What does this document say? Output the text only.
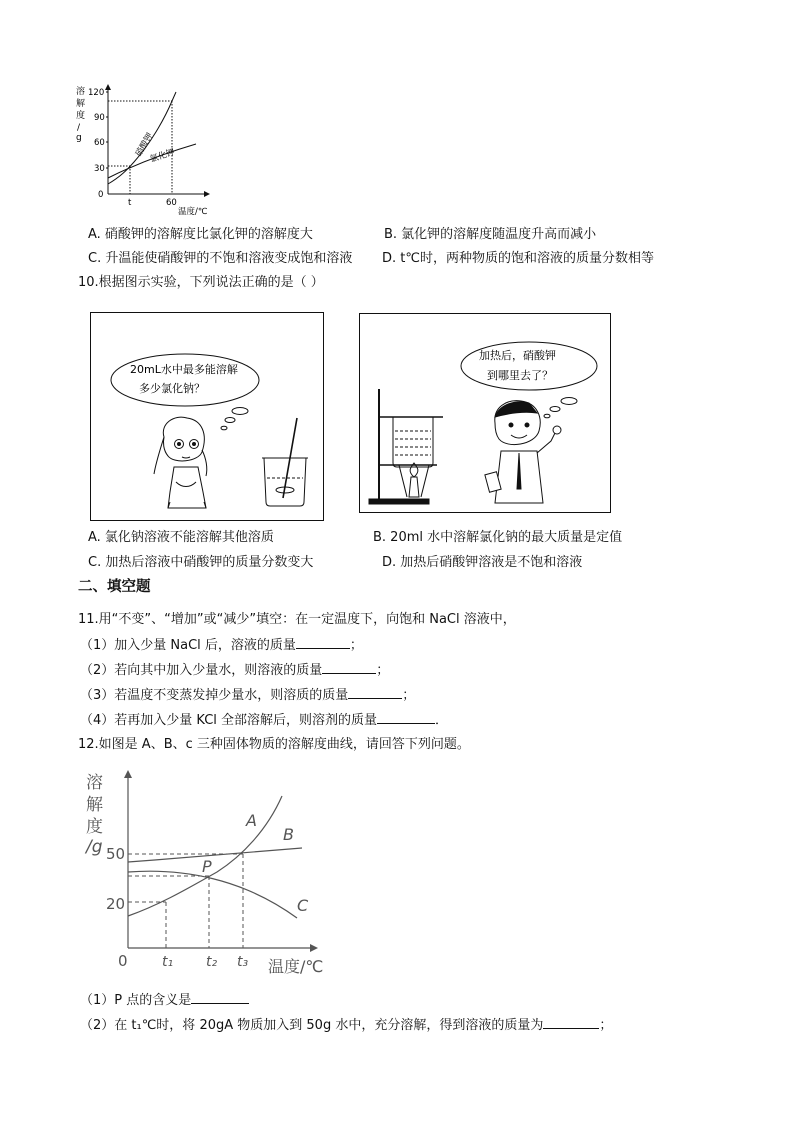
溶
解
度
/
g
120
90
60
30
0
t	60
温度/℃
硝酸钾
氯化钾
A. 硝酸钾的溶解度比氯化钾的溶解度大	B. 氯化钾的溶解度随温度升高而减小
C. 升温能使硝酸钾的不饱和溶液变成饱和溶液 D. t℃时，两种物质的饱和溶液的质量分数相等
10.根据图示实验，下列说法正确的是（ ）
20mL水中最多能溶解
多少氯化钠？
加热后，硝酸钾
到哪里去了？
A. 氯化钠溶液不能溶解其他溶质	B. 20ml 水中溶解氯化钠的最大质量是定值
C. 加热后溶液中硝酸钾的质量分数变大	D. 加热后硝酸钾溶液是不饱和溶液
二、填空题
11.用“不变”、“增加”或“减少”填空：在一定温度下，向饱和 NaCl 溶液中，
（1）加入少量 NaCl 后，溶液的质量	；
（2）若向其中加入少量水，则溶液的质量	；
（3）若温度不变蒸发掉少量水，则溶质的质量	；
（4）若再加入少量 KCl 全部溶解后，则溶剂的质量	．
12.如图是 A、B、c 三种固体物质的溶解度曲线，请回答下列问题。
溶
解
度
/g 50
20
0 t₁ t₂ t₃ 温度/℃
A
B
C
P
（1）P 点的含义是
（2）在 t₁℃时，将 20gA 物质加入到 50g 水中，充分溶解，得到溶液的质量为	；
